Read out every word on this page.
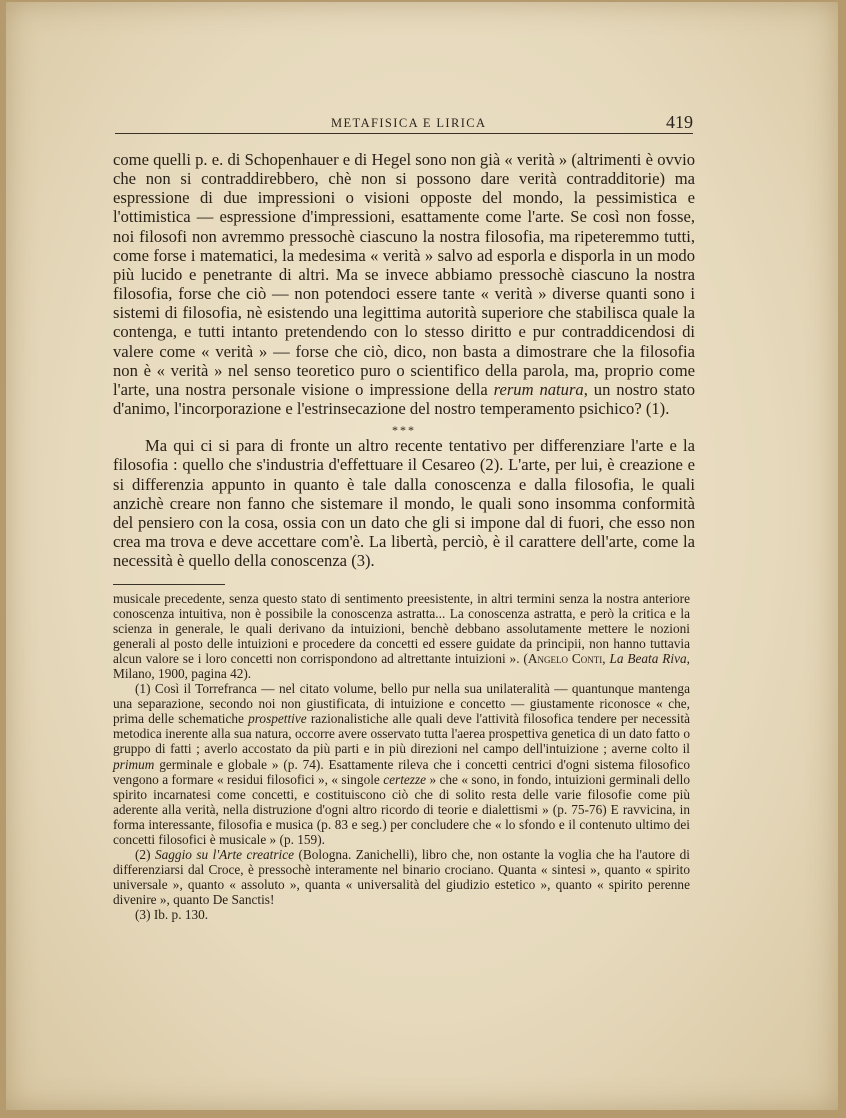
METAFISICA E LIRICA	419

come quelli p. e. di Schopenhauer e di Hegel sono non già « verità » (altrimenti è ovvio che non si contraddirebbero, chè non si possono dare verità contradditorie) ma espressione di due impressioni o visioni opposte del mondo, la pessimistica e l'ottimistica — espressione d'impressioni, esattamente come l'arte. Se così non fosse, noi filosofi non avremmo pressochè ciascuno la nostra filosofia, ma ripeteremmo tutti, come forse i matematici, la medesima « verità » salvo ad esporla e disporla in un modo più lucido e penetrante di altri. Ma se invece abbiamo pressochè ciascuno la nostra filosofia, forse che ciò — non potendoci essere tante « verità » diverse quanti sono i sistemi di filosofia, nè esistendo una legittima autorità superiore che stabilisca quale la contenga, e tutti intanto pretendendo con lo stesso diritto e pur contraddicendosi di valere come « verità » — forse che ciò, dico, non basta a dimostrare che la filosofia non è « verità » nel senso teoretico puro o scientifico della parola, ma, proprio come l'arte, una nostra personale visione o impressione della rerum natura, un nostro stato d'animo, l'incorporazione e l'estrinsecazione del nostro temperamento psichico? (1).

***

Ma qui ci si para di fronte un altro recente tentativo per differenziare l'arte e la filosofia : quello che s'industria d'effettuare il Cesareo (2). L'arte, per lui, è creazione e si differenzia appunto in quanto è tale dalla conoscenza e dalla filosofia, le quali anzichè creare non fanno che sistemare il mondo, le quali sono insomma conformità del pensiero con la cosa, ossia con un dato che gli si impone dal di fuori, che esso non crea ma trova e deve accettare com'è. La libertà, perciò, è il carattere dell'arte, come la necessità è quello della conoscenza (3).

musicale precedente, senza questo stato di sentimento preesistente, in altri termini senza la nostra anteriore conoscenza intuitiva, non è possibile la conoscenza astratta... La conoscenza astratta, e però la critica e la scienza in generale, le quali derivano da intuizioni, benchè debbano assolutamente mettere le nozioni generali al posto delle intuizioni e procedere da concetti ed essere guidate da principii, non hanno tuttavia alcun valore se i loro concetti non corrispondono ad altrettante intuizioni ». (Angelo Conti, La Beata Riva, Milano, 1900, pagina 42).

(1) Così il Torrefranca — nel citato volume, bello pur nella sua unilateralità — quantunque mantenga una separazione, secondo noi non giustificata, di intuizione e concetto — giustamente riconosce « che, prima delle schematiche prospettive razionalistiche alle quali deve l'attività filosofica tendere per necessità metodica inerente alla sua natura, occorre avere osservato tutta l'aerea prospettiva genetica di un dato fatto o gruppo di fatti ; averlo accostato da più parti e in più direzioni nel campo dell'intuizione ; averne colto il primum germinale e globale » (p. 74). Esattamente rileva che i concetti centrici d'ogni sistema filosofico vengono a formare « residui filosofici », « singole certezze » che « sono, in fondo, intuizioni germinali dello spirito incarnatesi come concetti, e costituiscono ciò che di solito resta delle varie filosofie come più aderente alla verità, nella distruzione d'ogni altro ricordo di teorie e dialettismi » (p. 75-76) E ravvicina, in forma interessante, filosofia e musica (p. 83 e seg.) per concludere che « lo sfondo e il contenuto ultimo dei concetti filosofici è musicale » (p. 159).

(2) Saggio su l'Arte creatrice (Bologna. Zanichelli), libro che, non ostante la voglia che ha l'autore di differenziarsi dal Croce, è pressochè interamente nel binario crociano. Quanta « sintesi », quanto « spirito universale », quanto « assoluto », quanta « universalità del giudizio estetico », quanto « spirito perenne divenire », quanto De Sanctis!

(3) Ib. p. 130.
